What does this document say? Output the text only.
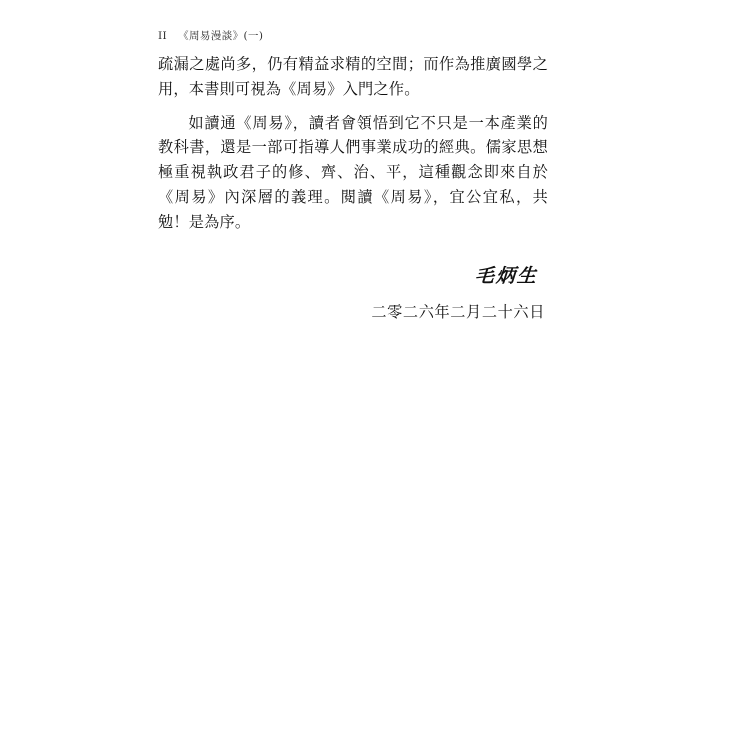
II 《周易漫談》(一)

疏漏之處尚多，仍有精益求精的空間；而作為推廣國學之用，本書則可視為《周易》入門之作。

如讀通《周易》，讀者會領悟到它不只是一本產業的教科書，還是一部可指導人們事業成功的經典。儒家思想極重視執政君子的修、齊、治、平，這種觀念即來自於《周易》內深層的義理。閱讀《周易》，宜公宜私，共勉！是為序。

毛炳生
二零二六年二月二十六日
